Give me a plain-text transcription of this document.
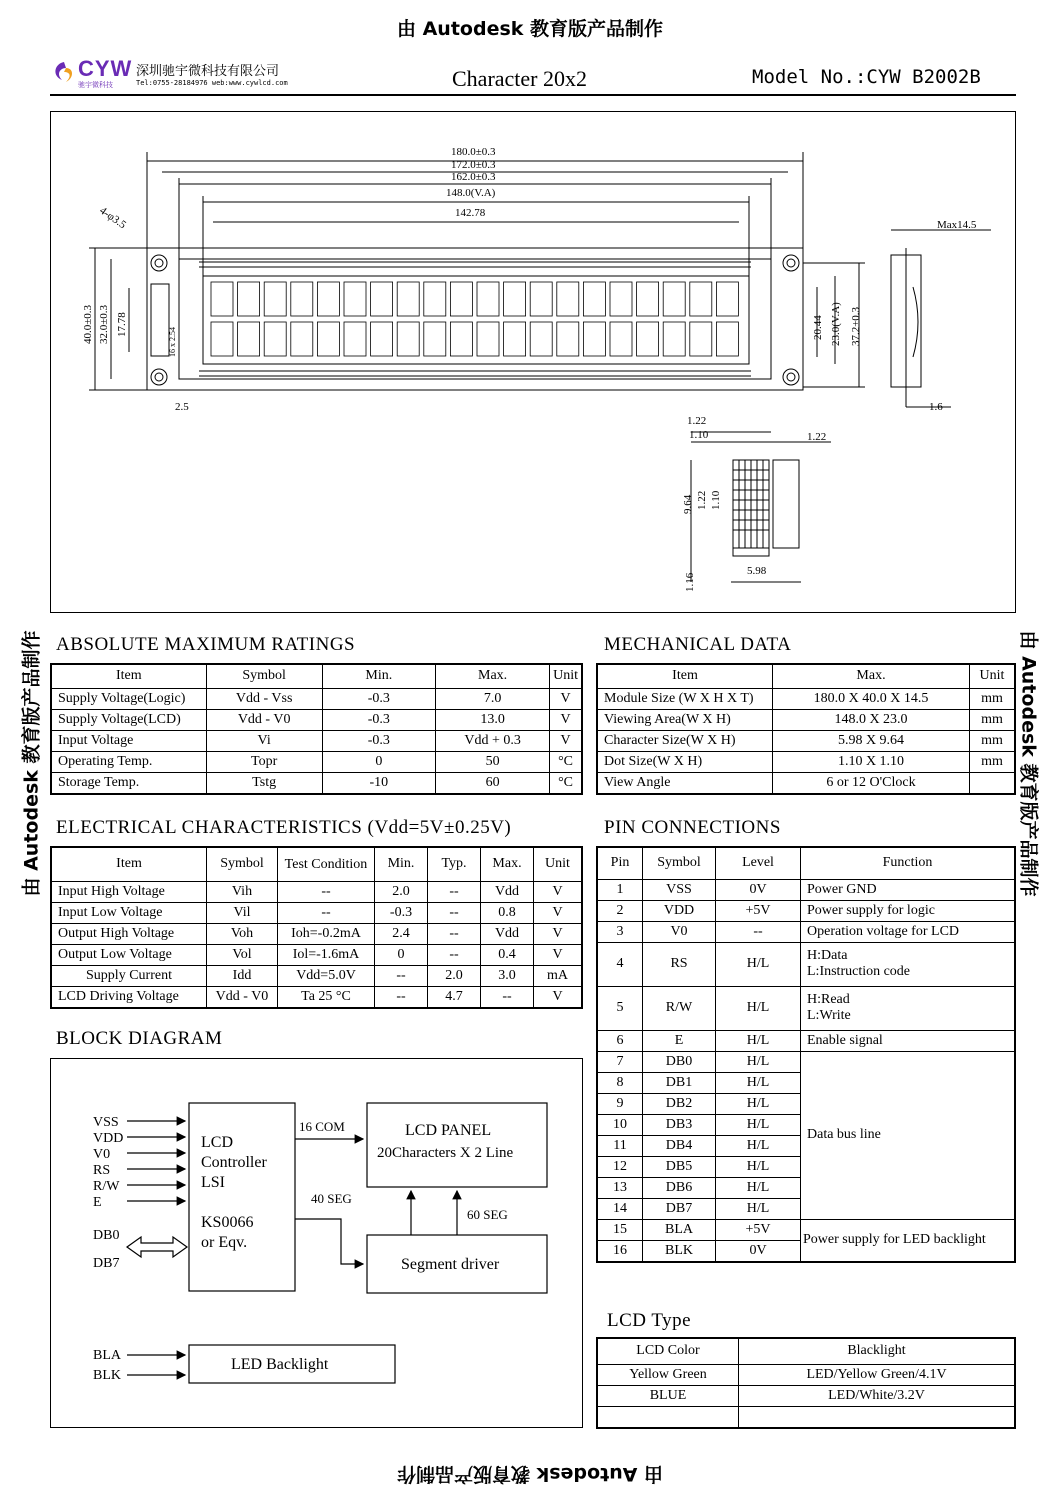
由 Autodesk 教育版产品制作
由 Autodesk 教育版产品制作
由 Autodesk 教育版产品制作	由 Autodesk 教育版产品制作
CYW
驰宇微科技
深圳驰宇微科技有限公司
Tel:0755-28184976 web:www.cywlcd.com	Character 20x2	Model No.:CYW B2002B
180.0±0.3
172.0±0.3
162.0±0.3
148.0(V.A)
142.78
4-φ3.5
40.0±0.3 32.0±0.3 17.78
16 x 2.54	20.44 23.0(V.A) 37.2±0.3
2.5
Max14.5
1.6
1.22
1.10	1.22
9.64 1.22 1.10
1.16
5.98
ABSOLUTE MAXIMUM RATINGS
Item	Symbol	Min.	Max.	Unit
Supply Voltage(Logic)	Vdd - Vss	-0.3	7.0	V
Supply Voltage(LCD)	Vdd - V0	-0.3	13.0	V
Input Voltage	Vi	-0.3	Vdd + 0.3	V
Operating Temp.	Topr	0	50	°C
Storage Temp.	Tstg	-10	60	°C
MECHANICAL DATA
Item	Max.	Unit
Module Size (W X H X T)	180.0 X 40.0 X 14.5	mm
Viewing Area(W X H)	148.0 X 23.0	mm
Character Size(W X H)	5.98 X 9.64	mm
Dot Size(W X H)	1.10 X 1.10	mm
View Angle	6 or 12 O'Clock	
ELECTRICAL CHARACTERISTICS (Vdd=5V±0.25V)
Item	Symbol	Test Condition	Min.	Typ.	Max.	Unit
Input High Voltage	Vih	--	2.0	--	Vdd	V
Input Low Voltage	Vil	--	-0.3	--	0.8	V
Output High Voltage	Voh	Ioh=-0.2mA	2.4	--	Vdd	V
Output Low Voltage	Vol	Iol=-1.6mA	0	--	0.4	V
Supply Current	Idd	Vdd=5.0V	--	2.0	3.0	mA
LCD Driving Voltage	Vdd - V0	Ta 25 °C	--	4.7	--	V
PIN CONNECTIONS
Pin	Symbol	Level	Function
1	VSS	0V	Power GND
2	VDD	+5V	Power supply for logic
3	V0	--	Operation voltage for LCD
4	RS	H/L	H:Data
L:Instruction code

5	R/W	H/L	H:Read
L:Write

6	E	H/L	Enable signal
7	DB0	H/L	Data bus line
8	DB1	H/L	
9	DB2	H/L	
10	DB3	H/L	
11	DB4	H/L	
12	DB5	H/L	
13	DB6	H/L	
14	DB7	H/L	
15	BLA	+5V	Power supply for LED backlight
16	BLK	0V	
BLOCK DIAGRAM
VSS
VDD
V0
RS
R/W
E
DB0
DB7
LCD
Controller
LSI
KS0066
or Eqv.
16 COM
40 SEG
60 SEG
LCD PANEL
20Characters X 2 Line
Segment driver
BLA
BLK
LED Backlight
LCD Type
LCD Color	Blacklight
Yellow Green	LED/Yellow Green/4.1V
BLUE	LED/White/3.2V
